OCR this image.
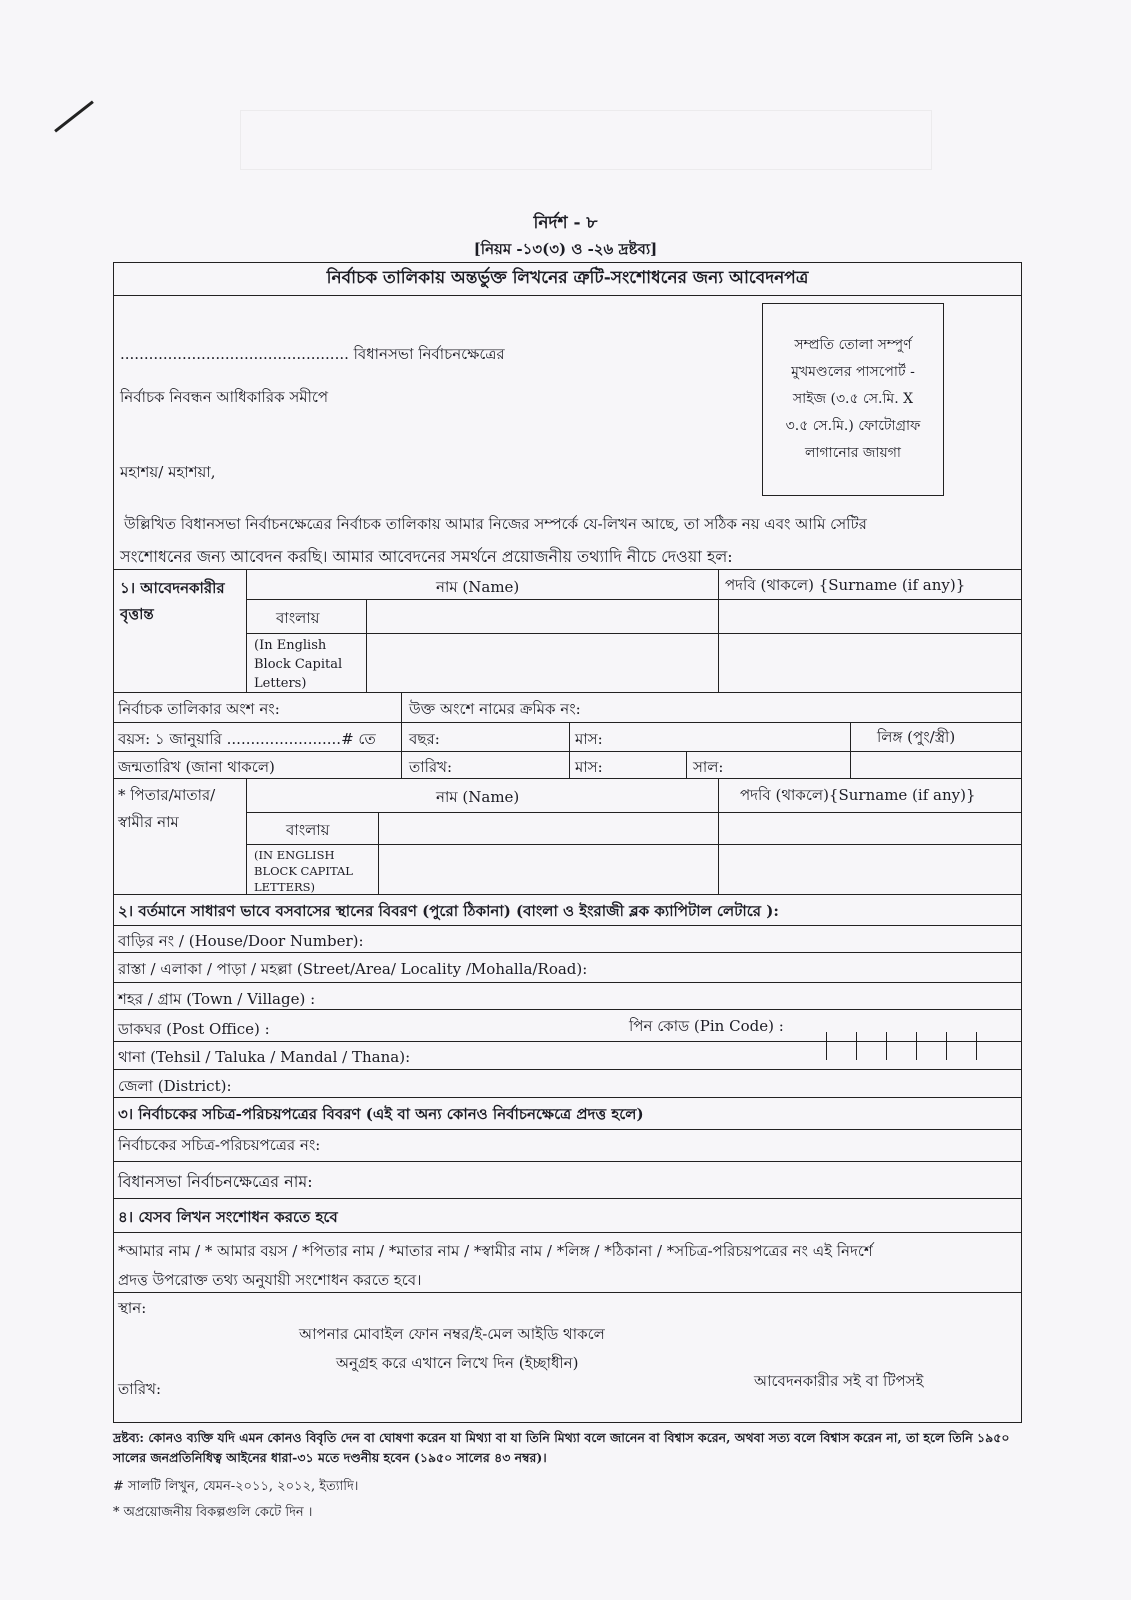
নির্দশ - ৮
[নিয়ম -১৩(৩) ও -২৬ দ্রষ্টব্য]
নির্বাচক তালিকায় অন্তর্ভুক্ত লিখনের ত্রুটি-সংশোধনের জন্য আবেদনপত্র
................................................ বিধানসভা নির্বাচনক্ষেত্রের
নির্বাচক নিবন্ধন আধিকারিক সমীপে
মহাশয়/ মহাশয়া,
সম্প্রতি তোলা সম্পুর্ণ
মুখমণ্ডলের পাসপোর্ট -
সাইজ (৩.৫ সে.মি. X
৩.৫ সে.মি.) ফোটোগ্রাফ
লাগানোর জায়গা
উল্লিখিত বিধানসভা নির্বাচনক্ষেত্রের নির্বাচক তালিকায় আমার নিজের সম্পর্কে যে-লিখন আছে, তা সঠিক নয় এবং আমি সেটির
সংশোধনের জন্য আবেদন করছি। আমার আবেদনের সমর্থনে প্রয়োজনীয় তথ্যাদি নীচে দেওয়া হল:
১। আবেদনকারীর
বৃত্তান্ত
নাম (Name)	পদবি (থাকলে) {Surname (if any)}
বাংলায়
(In English
Block Capital
Letters)
নির্বাচক তালিকার অংশ নং:	উক্ত অংশে নামের ক্রমিক নং:
বয়স: ১ জানুয়ারি ........................# তে বছর:	মাস:	লিঙ্গ (পুং/স্ত্রী)
জন্মতারিখ (জানা থাকলে)	তারিখ:	মাস:	সাল:
* পিতার/মাতার/
স্বামীর নাম
নাম (Name)	পদবি (থাকলে){Surname (if any)}
বাংলায়
(IN ENGLISH
BLOCK CAPITAL
LETTERS)
২। বর্তমানে সাধারণ ভাবে বসবাসের স্থানের বিবরণ (পুরো ঠিকানা) (বাংলা ও ইংরাজী ব্লক ক্যাপিটাল লেটারে ):
বাড়ির নং / (House/Door Number):
রাস্তা / এলাকা / পাড়া / মহল্লা (Street/Area/ Locality /Mohalla/Road):
শহর / গ্রাম (Town / Village) :
ডাকঘর (Post Office) :	পিন কোড (Pin Code) :
থানা (Tehsil / Taluka / Mandal / Thana):
জেলা (District):
৩। নির্বাচকের সচিত্র-পরিচয়পত্রের বিবরণ (এই বা অন্য কোনও নির্বাচনক্ষেত্রে প্রদত্ত হলে)
নির্বাচকের সচিত্র-পরিচয়পত্রের নং:
বিধানসভা নির্বাচনক্ষেত্রের নাম:
৪। যেসব লিখন সংশোধন করতে হবে
*আমার নাম / * আমার বয়স / *পিতার নাম / *মাতার নাম / *স্বামীর নাম / *লিঙ্গ / *ঠিকানা / *সচিত্র-পরিচয়পত্রের নং এই নিদর্শে
প্রদত্ত উপরোক্ত তথ্য অনুযায়ী সংশোধন করতে হবে।
স্থান:
আপনার মোবাইল ফোন নম্বর/ই-মেল আইডি থাকলে
অনুগ্রহ করে এখানে লিখে দিন (ইচ্ছাধীন)
আবেদনকারীর সই বা টিপসই
তারিখ:
দ্রষ্টব্য: কোনও ব্যক্তি যদি এমন কোনও বিবৃতি দেন বা ঘোষণা করেন যা মিথ্যা বা যা তিনি মিথ্যা বলে জানেন বা বিশ্বাস করেন, অথবা সত্য বলে বিশ্বাস করেন না, তা হলে তিনি ১৯৫০ সালের জনপ্রতিনিধিত্ব আইনের ধারা-৩১ মতে দণ্ডনীয় হবেন (১৯৫০ সালের ৪৩ নম্বর)।
# সালটি লিখুন, যেমন-২০১১, ২০১২, ইত্যাদি।
* অপ্রয়োজনীয় বিকল্পগুলি কেটে দিন ।
